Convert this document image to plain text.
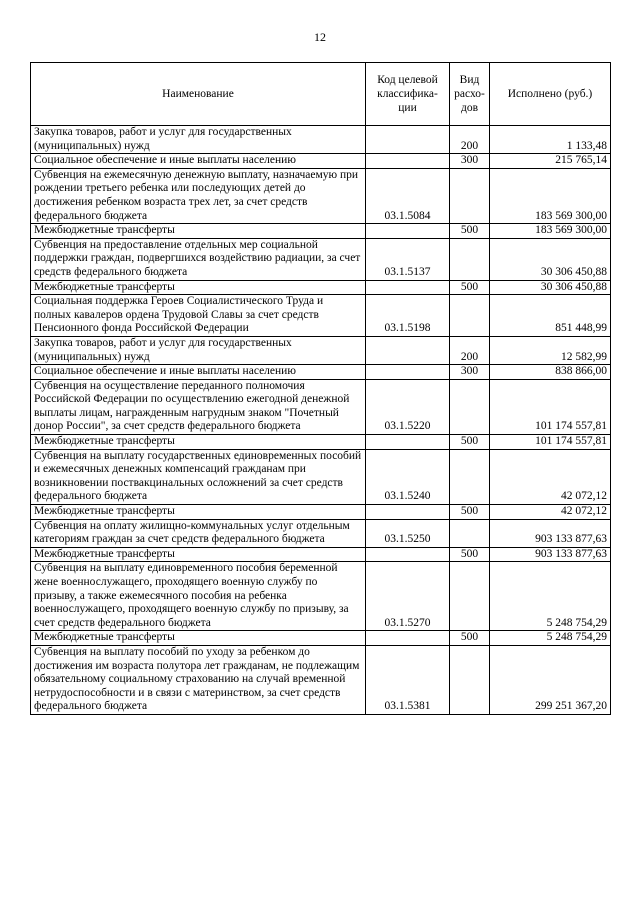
12
Наименование	Код целевой классифика-ции	Вид расхо-дов	Исполнено (руб.)
Закупка товаров, работ и услуг для государственных (муниципальных) нужд		200	1 133,48
Социальное обеспечение и иные выплаты населению		300	215 765,14
Субвенция на ежемесячную денежную выплату, назначаемую при рождении третьего ребенка или последующих детей до достижения ребенком возраста трех лет, за счет средств федерального бюджета	03.1.5084		183 569 300,00
Межбюджетные трансферты		500	183 569 300,00
Субвенция на предоставление отдельных мер социальной поддержки граждан, подвергшихся воздействию радиации, за счет средств федерального бюджета	03.1.5137		30 306 450,88
Межбюджетные трансферты		500	30 306 450,88
Социальная поддержка Героев Социалистического Труда и полных кавалеров ордена Трудовой Славы за счет средств Пенсионного фонда Российской Федерации	03.1.5198		851 448,99
Закупка товаров, работ и услуг для государственных (муниципальных) нужд		200	12 582,99
Социальное обеспечение и иные выплаты населению		300	838 866,00
Субвенция на осуществление переданного полномочия Российской Федерации по осуществлению ежегодной денежной выплаты лицам, награжденным нагрудным знаком "Почетный донор России", за счет средств федерального бюджета	03.1.5220		101 174 557,81
Межбюджетные трансферты		500	101 174 557,81
Субвенция на выплату государственных единовременных пособий и ежемесячных денежных компенсаций гражданам при возникновении поствакцинальных осложнений за счет средств федерального бюджета	03.1.5240		42 072,12
Межбюджетные трансферты		500	42 072,12
Субвенция на оплату жилищно-коммунальных услуг отдельным категориям граждан за счет средств федерального бюджета	03.1.5250		903 133 877,63
Межбюджетные трансферты		500	903 133 877,63
Субвенция на выплату единовременного пособия беременной жене военнослужащего, проходящего военную службу по призыву, а также ежемесячного пособия на ребенка военнослужащего, проходящего военную службу по призыву, за счет средств федерального бюджета	03.1.5270		5 248 754,29
Межбюджетные трансферты		500	5 248 754,29
Субвенция на выплату пособий по уходу за ребенком до достижения им возраста полутора лет гражданам, не подлежащим обязательному социальному страхованию на случай временной нетрудоспособности и в связи с материнством, за счет средств федерального бюджета	03.1.5381		299 251 367,20
